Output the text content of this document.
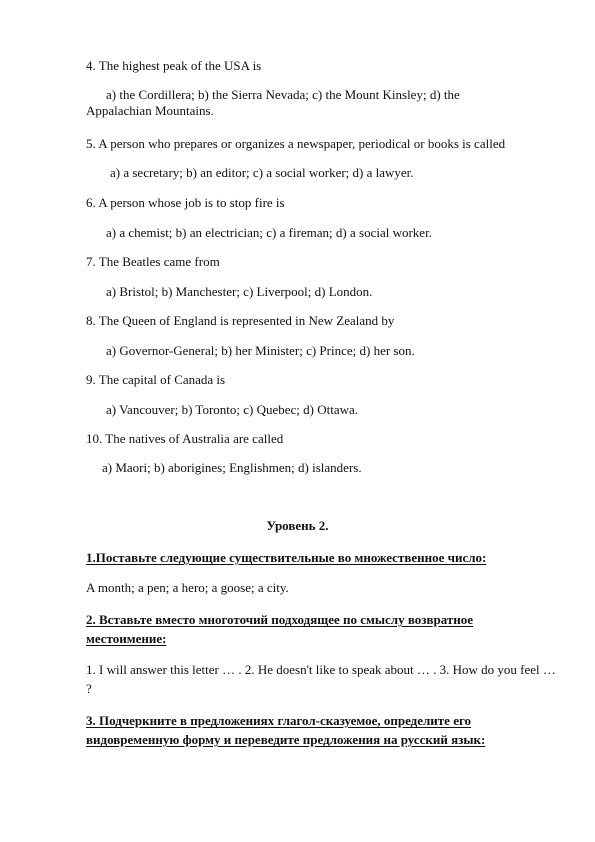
4. The highest peak of the USA is
a) the Cordillera; b) the Sierra Nevada; c) the Mount Kinsley; d) the Appalachian Mountains.
5. A person who prepares or organizes a newspaper, periodical or books is called
a) a secretary; b) an editor; c) a social worker; d) a lawyer.
6. A person whose job is to stop fire is
a) a chemist; b) an electrician; c) a fireman; d) a social worker.
7. The Beatles came from
a) Bristol; b) Manchester; c) Liverpool; d) London.
8. The Queen of England is represented in New Zealand by
a) Governor-General; b) her Minister; c) Prince; d) her son.
9. The capital of Canada is
a) Vancouver; b) Toronto; c) Quebec; d) Ottawa.
10. The natives of Australia are called
a) Maori; b) aborigines; Englishmen; d) islanders.
Уровень 2.
1.Поставьте следующие существительные во множественное число:
A month; a pen; a hero; a goose; a city.
2. Вставьте вместо многоточий подходящее по смыслу возвратное местоимение:
1. I will answer this letter … . 2. He doesn't like to speak about … . 3. How do you feel … ?
3. Подчеркните в предложениях глагол-сказуемое, определите его видовременную форму и переведите предложения на русский язык:
